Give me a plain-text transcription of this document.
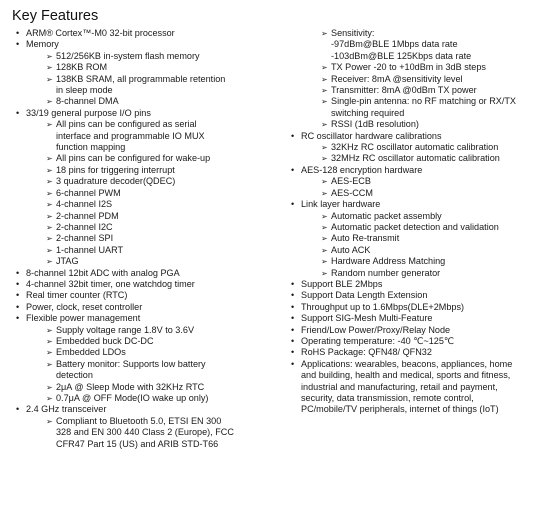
Key Features
• ARM® Cortex™-M0 32-bit processor
• Memory
➢ 512/256KB in-system flash memory
➢ 128KB ROM
➢ 138KB SRAM, all programmable retention
in sleep mode
➢ 8-channel DMA
• 33/19 general purpose I/O pins
➢ All pins can be configured as serial
interface and programmable IO MUX
function mapping
➢ All pins can be configured for wake-up
➢ 18 pins for triggering interrupt
➢ 3 quadrature decoder(QDEC)
➢ 6-channel PWM
➢ 4-channel I2S
➢ 2-channel PDM
➢ 2-channel I2C
➢ 2-channel SPI
➢ 1-channel UART
➢ JTAG
• 8-channel 12bit ADC with analog PGA
• 4-channel 32bit timer, one watchdog timer
• Real timer counter (RTC)
• Power, clock, reset controller
• Flexible power management
➢ Supply voltage range 1.8V to 3.6V
➢ Embedded buck DC-DC
➢ Embedded LDOs
➢ Battery monitor: Supports low battery
detection
➢ 2μA @ Sleep Mode with 32KHz RTC
➢ 0.7μA @ OFF Mode(IO wake up only)
• 2.4 GHz transceiver
➢ Compliant to Bluetooth 5.0, ETSI EN 300
328 and EN 300 440 Class 2 (Europe), FCC
CFR47 Part 15 (US) and ARIB STD-T66
➢ Sensitivity:
-97dBm@BLE 1Mbps data rate
-103dBm@BLE 125Kbps data rate
➢ TX Power -20 to +10dBm in 3dB steps
➢ Receiver: 8mA @sensitivity level
➢ Transmitter: 8mA @0dBm TX power
➢ Single-pin antenna: no RF matching or RX/TX
switching required
➢ RSSI (1dB resolution)
• RC oscillator hardware calibrations
➢ 32KHz RC oscillator automatic calibration
➢ 32MHz RC oscillator automatic calibration
• AES-128 encryption hardware
➢ AES-ECB
➢ AES-CCM
• Link layer hardware
➢ Automatic packet assembly
➢ Automatic packet detection and validation
➢ Auto Re-transmit
➢ Auto ACK
➢ Hardware Address Matching
➢ Random number generator
• Support BLE 2Mbps
• Support Data Length Extension
• Throughput up to 1.6Mbps(DLE+2Mbps)
• Support SIG-Mesh Multi-Feature
• Friend/Low Power/Proxy/Relay Node
• Operating temperature: -40 ℃~125℃
• RoHS Package: QFN48/ QFN32
• Applications: wearables, beacons, appliances, home
and building, health and medical, sports and fitness,
industrial and manufacturing, retail and payment,
security, data transmission, remote control,
PC/mobile/TV peripherals, internet of things (IoT)
